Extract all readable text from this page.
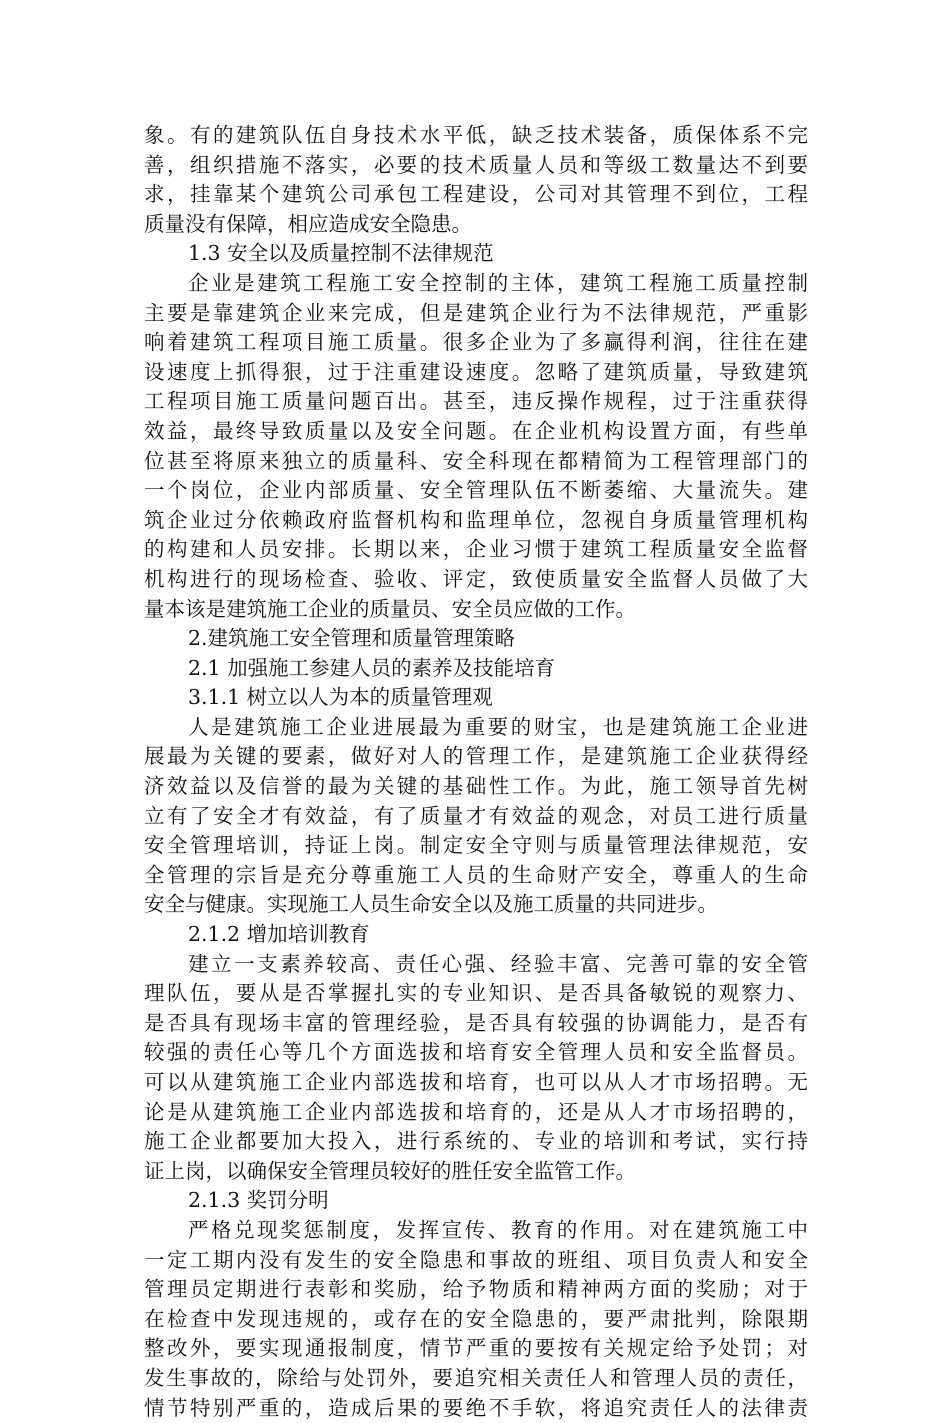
象。有的建筑队伍自身技术水平低，缺乏技术装备，质保体系不完
善，组织措施不落实，必要的技术质量人员和等级工数量达不到要
求，挂靠某个建筑公司承包工程建设，公司对其管理不到位，工程
质量没有保障，相应造成安全隐患。
1.3 安全以及质量控制不法律规范
企业是建筑工程施工安全控制的主体，建筑工程施工质量控制
主要是靠建筑企业来完成，但是建筑企业行为不法律规范，严重影
响着建筑工程项目施工质量。很多企业为了多赢得利润，往往在建
设速度上抓得狠，过于注重建设速度。忽略了建筑质量，导致建筑
工程项目施工质量问题百出。甚至，违反操作规程，过于注重获得
效益，最终导致质量以及安全问题。在企业机构设置方面，有些单
位甚至将原来独立的质量科、安全科现在都精简为工程管理部门的
一个岗位，企业内部质量、安全管理队伍不断萎缩、大量流失。建
筑企业过分依赖政府监督机构和监理单位，忽视自身质量管理机构
的构建和人员安排。长期以来，企业习惯于建筑工程质量安全监督
机构进行的现场检查、验收、评定，致使质量安全监督人员做了大
量本该是建筑施工企业的质量员、安全员应做的工作。
2.建筑施工安全管理和质量管理策略
2.1 加强施工参建人员的素养及技能培育
3.1.1 树立以人为本的质量管理观
人是建筑施工企业进展最为重要的财宝，也是建筑施工企业进
展最为关键的要素，做好对人的管理工作，是建筑施工企业获得经
济效益以及信誉的最为关键的基础性工作。为此，施工领导首先树
立有了安全才有效益，有了质量才有效益的观念，对员工进行质量
安全管理培训，持证上岗。制定安全守则与质量管理法律规范，安
全管理的宗旨是充分尊重施工人员的生命财产安全，尊重人的生命
安全与健康。实现施工人员生命安全以及施工质量的共同进步。
2.1.2 增加培训教育
建立一支素养较高、责任心强、经验丰富、完善可靠的安全管
理队伍，要从是否掌握扎实的专业知识、是否具备敏锐的观察力、
是否具有现场丰富的管理经验，是否具有较强的协调能力，是否有
较强的责任心等几个方面选拔和培育安全管理人员和安全监督员。
可以从建筑施工企业内部选拔和培育，也可以从人才市场招聘。无
论是从建筑施工企业内部选拔和培育的，还是从人才市场招聘的，
施工企业都要加大投入，进行系统的、专业的培训和考试，实行持
证上岗，以确保安全管理员较好的胜任安全监管工作。
2.1.3 奖罚分明
严格兑现奖惩制度，发挥宣传、教育的作用。对在建筑施工中
一定工期内没有发生的安全隐患和事故的班组、项目负责人和安全
管理员定期进行表彰和奖励，给予物质和精神两方面的奖励；对于
在检查中发现违规的，或存在的安全隐患的，要严肃批判，除限期
整改外，要实现通报制度，情节严重的要按有关规定给予处罚；对
发生事故的，除给与处罚外，要追究相关责任人和管理人员的责任，
情节特别严重的，造成后果的要绝不手软，将追究责任人的法律责
